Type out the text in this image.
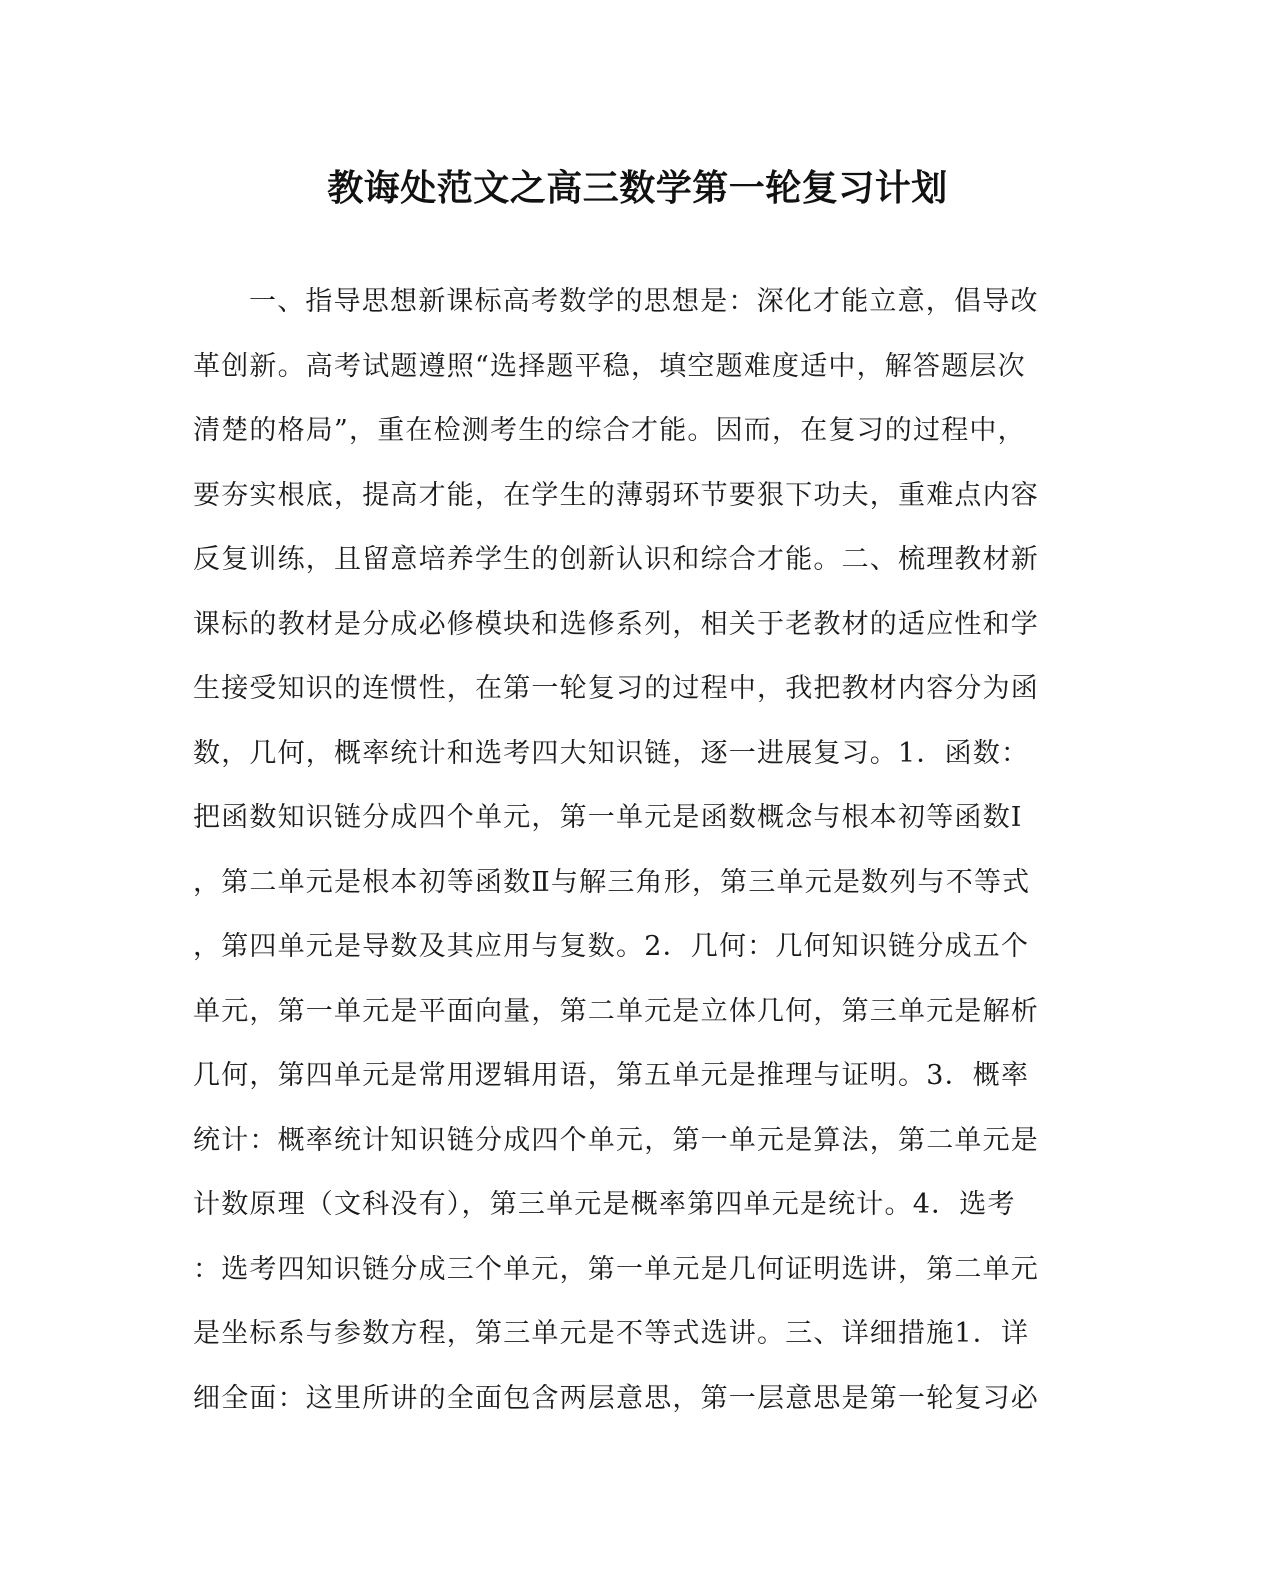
教诲处范文之高三数学第一轮复习计划
一、指导思想新课标高考数学的思想是：深化才能立意，倡导改
革创新。高考试题遵照“选择题平稳，填空题难度适中，解答题层次
清楚的格局”，重在检测考生的综合才能。因而，在复习的过程中，
要夯实根底，提高才能，在学生的薄弱环节要狠下功夫，重难点内容
反复训练，且留意培养学生的创新认识和综合才能。二、梳理教材新
课标的教材是分成必修模块和选修系列，相关于老教材的适应性和学
生接受知识的连惯性，在第一轮复习的过程中，我把教材内容分为函
数，几何，概率统计和选考四大知识链，逐一进展复习。1．函数：
把函数知识链分成四个单元，第一单元是函数概念与根本初等函数Ⅰ
，第二单元是根本初等函数Ⅱ与解三角形，第三单元是数列与不等式
，第四单元是导数及其应用与复数。2．几何：几何知识链分成五个
单元，第一单元是平面向量，第二单元是立体几何，第三单元是解析
几何，第四单元是常用逻辑用语，第五单元是推理与证明。3．概率
统计：概率统计知识链分成四个单元，第一单元是算法，第二单元是
计数原理（文科没有），第三单元是概率第四单元是统计。4．选考
：选考四知识链分成三个单元，第一单元是几何证明选讲，第二单元
是坐标系与参数方程，第三单元是不等式选讲。三、详细措施1．详
细全面：这里所讲的全面包含两层意思，第一层意思是第一轮复习必
